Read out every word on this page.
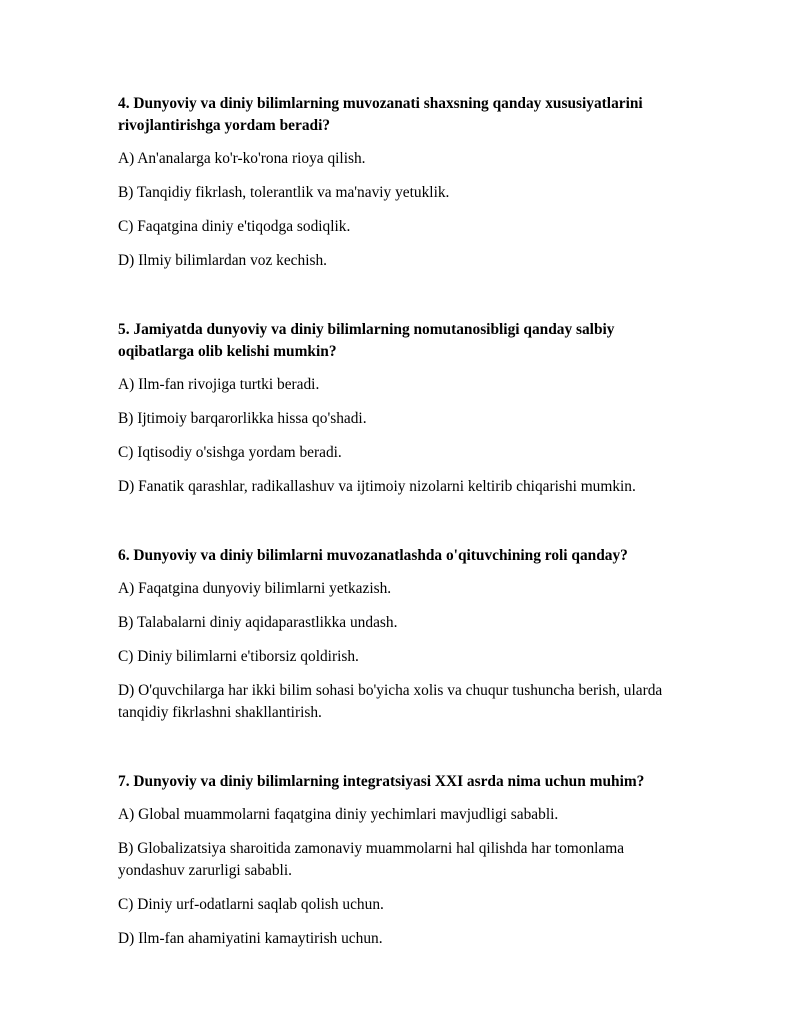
4. Dunyoviy va diniy bilimlarning muvozanati shaxsning qanday xususiyatlarini rivojlantirishga yordam beradi?
A) An'analarga ko'r-ko'rona rioya qilish.
B) Tanqidiy fikrlash, tolerantlik va ma'naviy yetuklik.
C) Faqatgina diniy e'tiqodga sodiqlik.
D) Ilmiy bilimlardan voz kechish.
5. Jamiyatda dunyoviy va diniy bilimlarning nomutanosibligi qanday salbiy oqibatlarga olib kelishi mumkin?
A) Ilm-fan rivojiga turtki beradi.
B) Ijtimoiy barqarorlikka hissa qo'shadi.
C) Iqtisodiy o'sishga yordam beradi.
D) Fanatik qarashlar, radikallashuv va ijtimoiy nizolarni keltirib chiqarishi mumkin.
6. Dunyoviy va diniy bilimlarni muvozanatlashda o'qituvchining roli qanday?
A) Faqatgina dunyoviy bilimlarni yetkazish.
B) Talabalarni diniy aqidaparastlikka undash.
C) Diniy bilimlarni e'tiborsiz qoldirish.
D) O'quvchilarga har ikki bilim sohasi bo'yicha xolis va chuqur tushuncha berish, ularda tanqidiy fikrlashni shakllantirish.
7. Dunyoviy va diniy bilimlarning integratsiyasi XXI asrda nima uchun muhim?
A) Global muammolarni faqatgina diniy yechimlari mavjudligi sababli.
B) Globalizatsiya sharoitida zamonaviy muammolarni hal qilishda har tomonlama yondashuv zarurligi sababli.
C) Diniy urf-odatlarni saqlab qolish uchun.
D) Ilm-fan ahamiyatini kamaytirish uchun.
